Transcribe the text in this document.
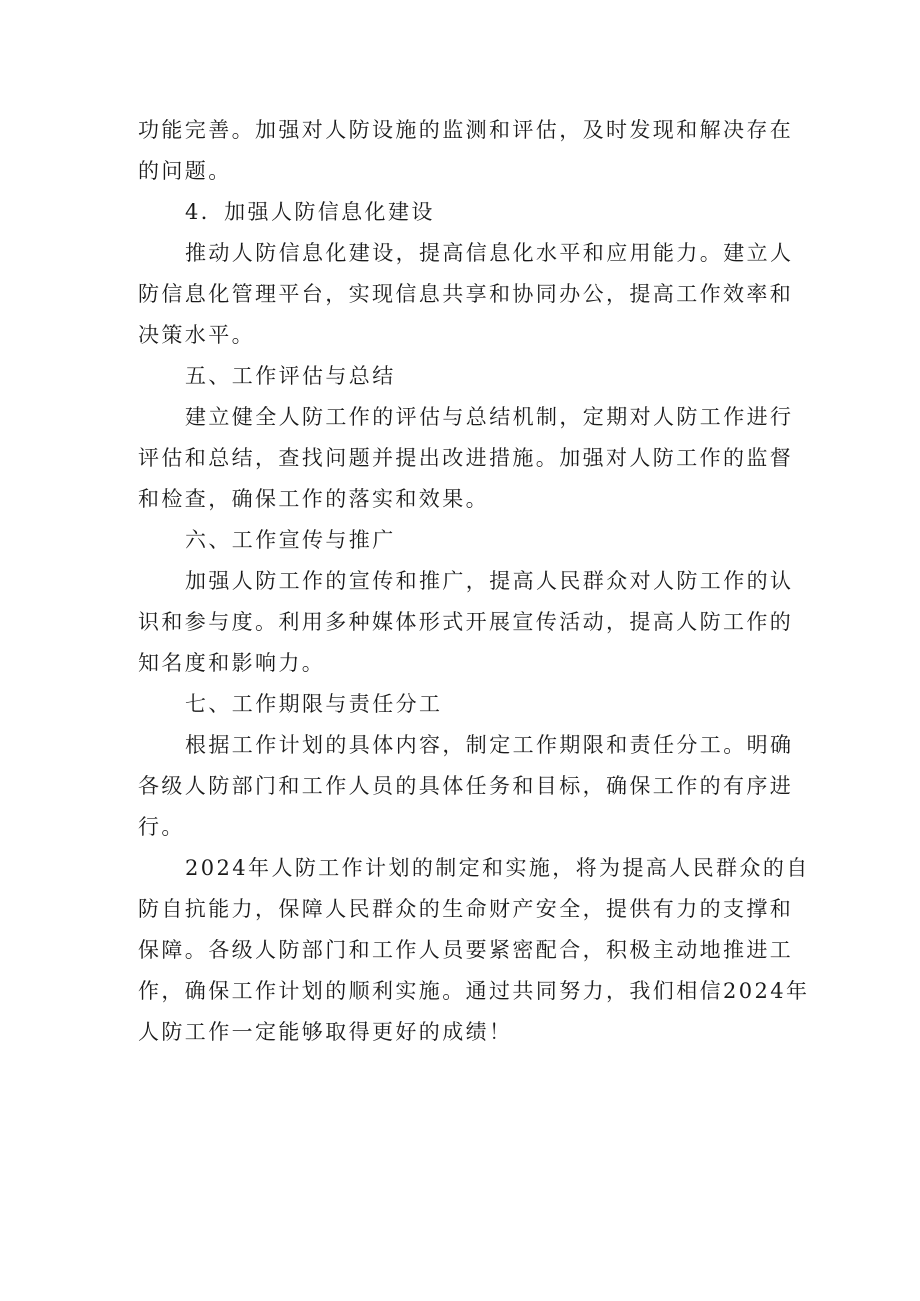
功能完善。加强对人防设施的监测和评估，及时发现和解决存在
的问题。
4．加强人防信息化建设
推动人防信息化建设，提高信息化水平和应用能力。建立人
防信息化管理平台，实现信息共享和协同办公，提高工作效率和
决策水平。
五、工作评估与总结
建立健全人防工作的评估与总结机制，定期对人防工作进行
评估和总结，查找问题并提出改进措施。加强对人防工作的监督
和检查，确保工作的落实和效果。
六、工作宣传与推广
加强人防工作的宣传和推广，提高人民群众对人防工作的认
识和参与度。利用多种媒体形式开展宣传活动，提高人防工作的
知名度和影响力。
七、工作期限与责任分工
根据工作计划的具体内容，制定工作期限和责任分工。明确
各级人防部门和工作人员的具体任务和目标，确保工作的有序进
行。
2024年人防工作计划的制定和实施，将为提高人民群众的自
防自抗能力，保障人民群众的生命财产安全，提供有力的支撑和
保障。各级人防部门和工作人员要紧密配合，积极主动地推进工
作，确保工作计划的顺利实施。通过共同努力，我们相信2024年
人防工作一定能够取得更好的成绩！
